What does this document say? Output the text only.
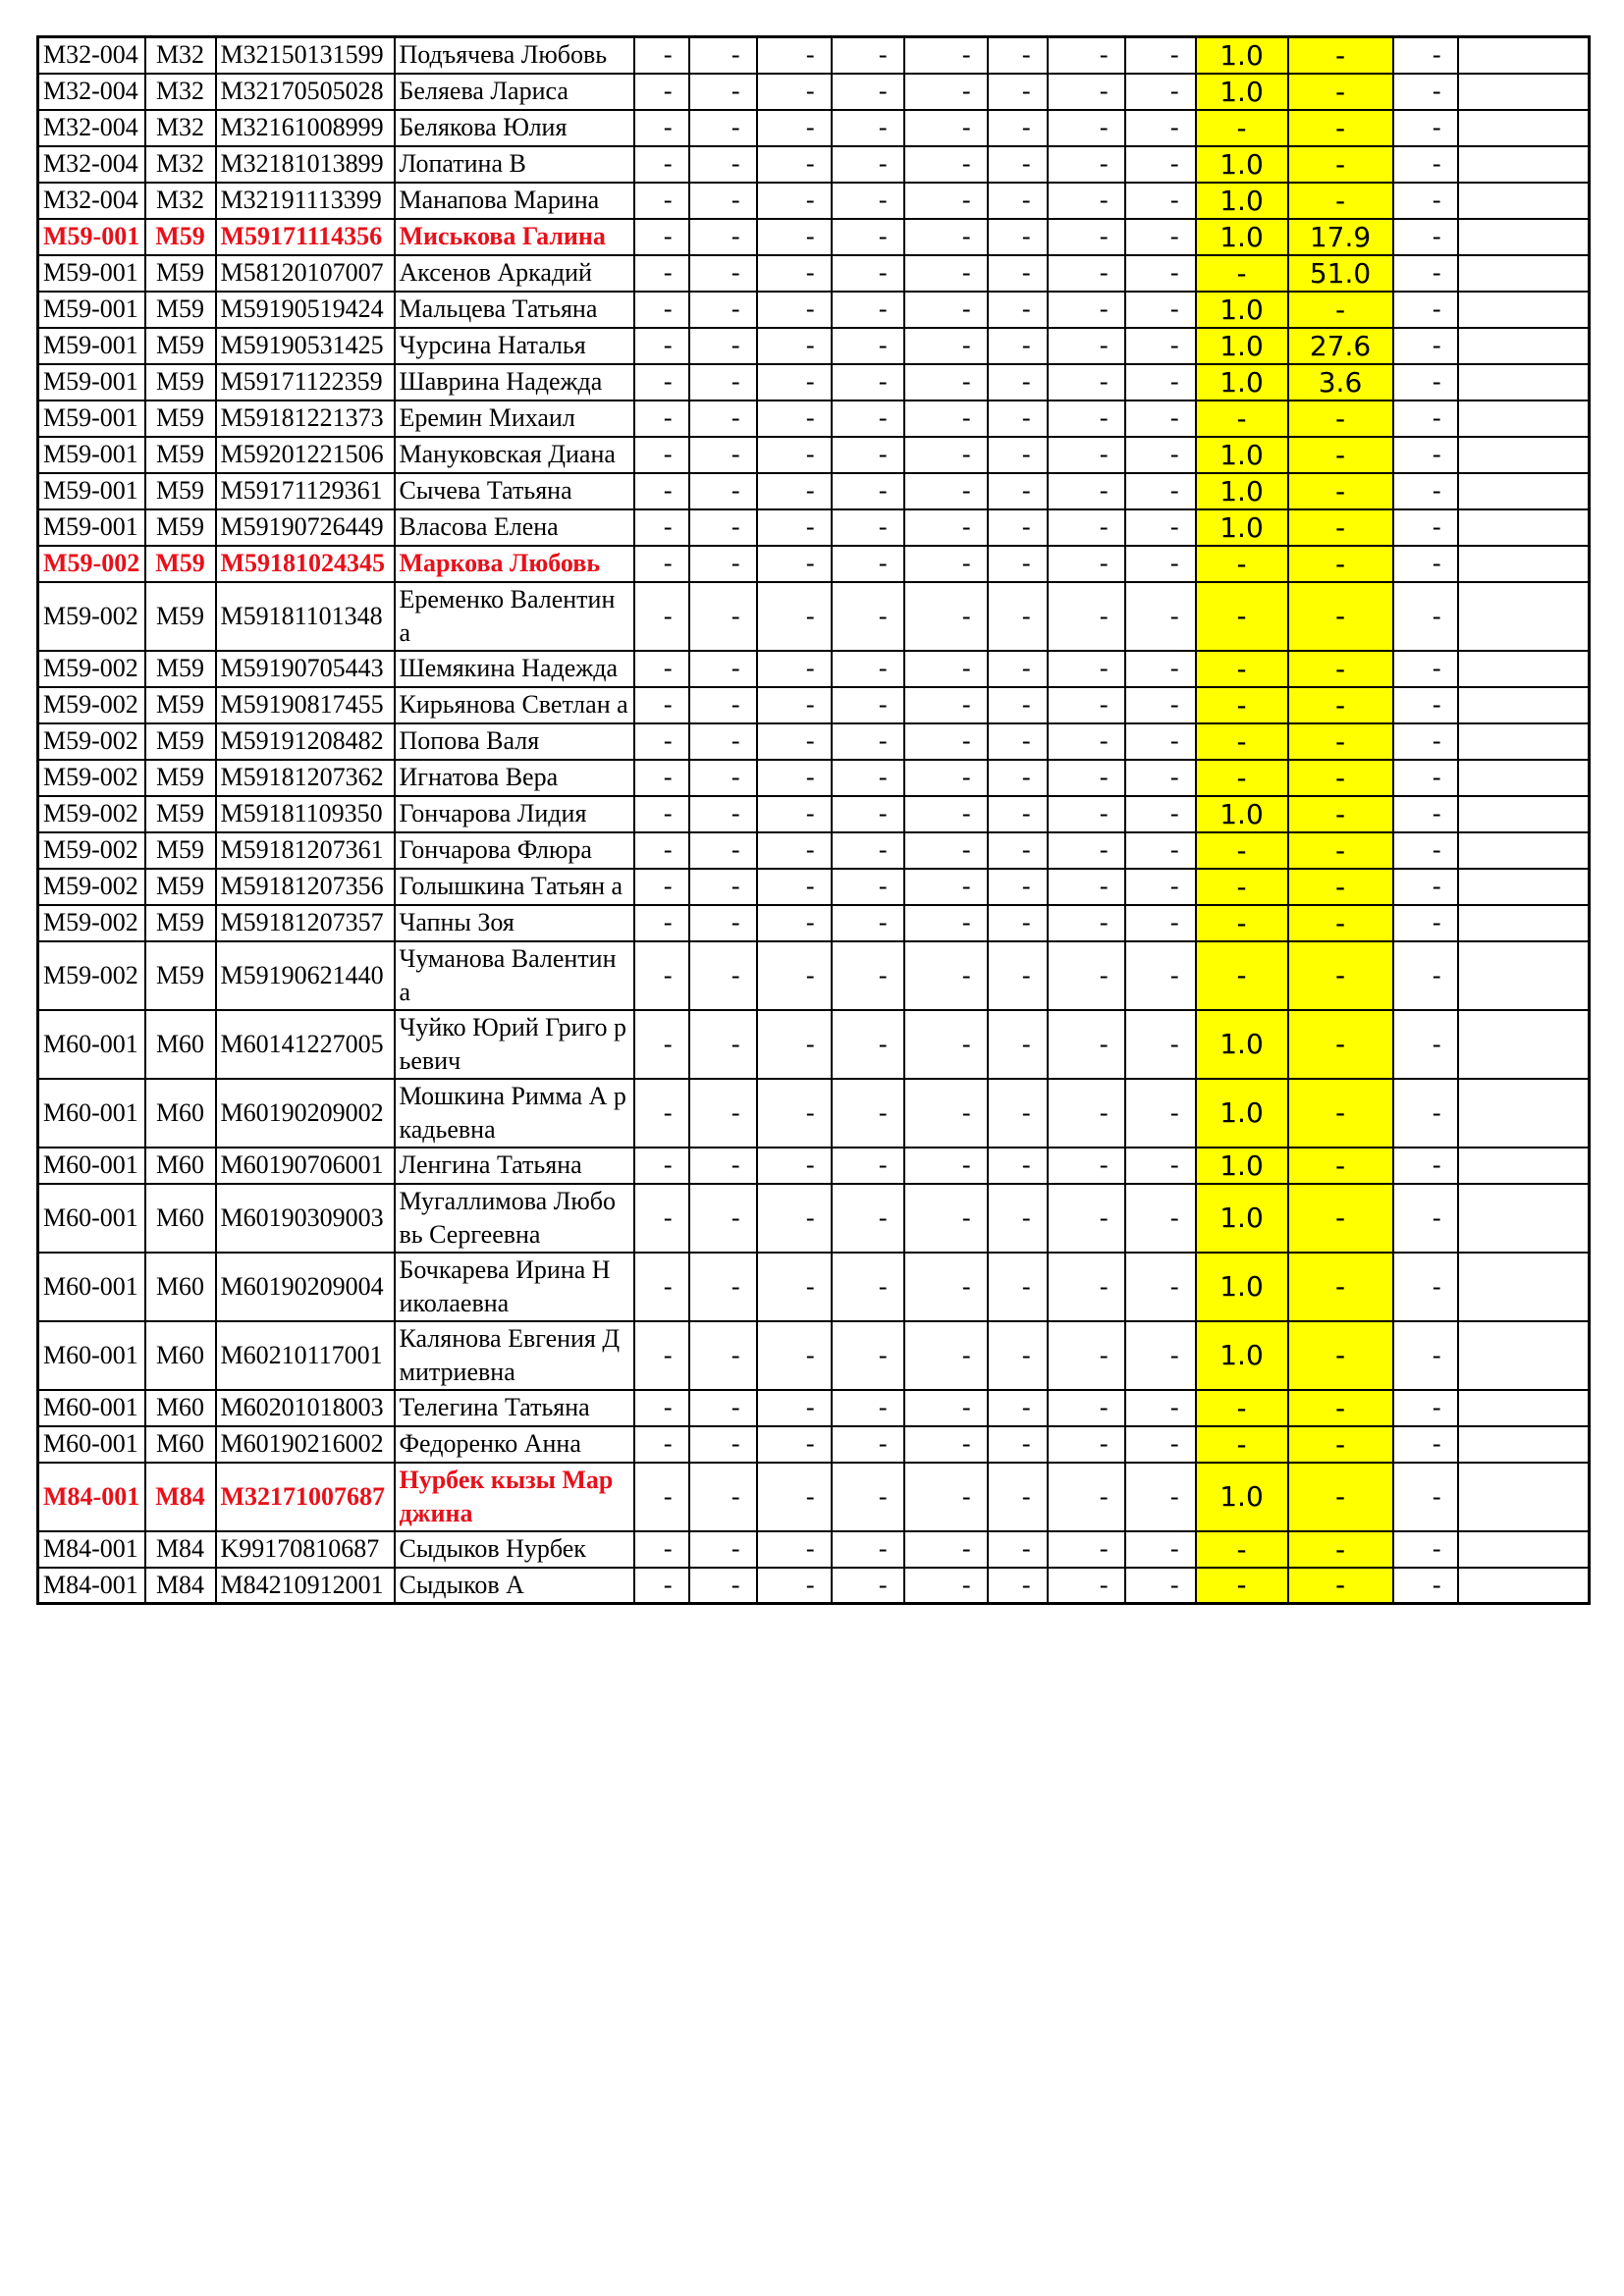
M32-004	M32	M32150131599	Подъячева Любовь	-	-	-	-	-	-	-	-	1.0	-	-	
M32-004	M32	M32170505028	Беляева Лариса	-	-	-	-	-	-	-	-	1.0	-	-	
M32-004	M32	M32161008999	Белякова Юлия	-	-	-	-	-	-	-	-	-	-	-	
M32-004	M32	M32181013899	Лопатина В	-	-	-	-	-	-	-	-	1.0	-	-	
M32-004	M32	M32191113399	Манапова Марина	-	-	-	-	-	-	-	-	1.0	-	-	
M59-001	M59	M59171114356	Миськова Галина	-	-	-	-	-	-	-	-	1.0	17.9	-	
M59-001	M59	M58120107007	Аксенов Аркадий	-	-	-	-	-	-	-	-	-	51.0	-	
M59-001	M59	M59190519424	Мальцева Татьяна	-	-	-	-	-	-	-	-	1.0	-	-	
M59-001	M59	M59190531425	Чурсина Наталья	-	-	-	-	-	-	-	-	1.0	27.6	-	
M59-001	M59	M59171122359	Шаврина Надежда	-	-	-	-	-	-	-	-	1.0	3.6	-	
M59-001	M59	M59181221373	Еремин Михаил	-	-	-	-	-	-	-	-	-	-	-	
M59-001	M59	M59201221506	Мануковская Диана	-	-	-	-	-	-	-	-	1.0	-	-	
M59-001	M59	M59171129361	Сычева Татьяна	-	-	-	-	-	-	-	-	1.0	-	-	
M59-001	M59	M59190726449	Власова Елена	-	-	-	-	-	-	-	-	1.0	-	-	
M59-002	M59	M59181024345	Маркова Любовь	-	-	-	-	-	-	-	-	-	-	-	
M59-002	M59	M59181101348	Еременко Валентин а	-	-	-	-	-	-	-	-	-	-	-	
M59-002	M59	M59190705443	Шемякина Надежда	-	-	-	-	-	-	-	-	-	-	-	
M59-002	M59	M59190817455	Кирьянова Светлан а	-	-	-	-	-	-	-	-	-	-	-	
M59-002	M59	M59191208482	Попова Валя	-	-	-	-	-	-	-	-	-	-	-	
M59-002	M59	M59181207362	Игнатова Вера	-	-	-	-	-	-	-	-	-	-	-	
M59-002	M59	M59181109350	Гончарова Лидия	-	-	-	-	-	-	-	-	1.0	-	-	
M59-002	M59	M59181207361	Гончарова Флюра	-	-	-	-	-	-	-	-	-	-	-	
M59-002	M59	M59181207356	Голышкина Татьян а	-	-	-	-	-	-	-	-	-	-	-	
M59-002	M59	M59181207357	Чапны Зоя	-	-	-	-	-	-	-	-	-	-	-	
M59-002	M59	M59190621440	Чуманова Валентин а	-	-	-	-	-	-	-	-	-	-	-	
M60-001	M60	M60141227005	Чуйко Юрий Григо рьевич	-	-	-	-	-	-	-	-	1.0	-	-	
M60-001	M60	M60190209002	Мошкина Римма А ркадьевна	-	-	-	-	-	-	-	-	1.0	-	-	
M60-001	M60	M60190706001	Ленгина Татьяна	-	-	-	-	-	-	-	-	1.0	-	-	
M60-001	M60	M60190309003	Мугаллимова Любо вь Сергеевна	-	-	-	-	-	-	-	-	1.0	-	-	
M60-001	M60	M60190209004	Бочкарева Ирина Н иколаевна	-	-	-	-	-	-	-	-	1.0	-	-	
M60-001	M60	M60210117001	Калянова Евгения Дмитриевна	-	-	-	-	-	-	-	-	1.0	-	-	
M60-001	M60	M60201018003	Телегина Татьяна	-	-	-	-	-	-	-	-	-	-	-	
M60-001	M60	M60190216002	Федоренко Анна	-	-	-	-	-	-	-	-	-	-	-	
M84-001	M84	M32171007687	Нурбек кызы Мар джина	-	-	-	-	-	-	-	-	1.0	-	-	
M84-001	M84	K99170810687	Сыдыков Нурбек	-	-	-	-	-	-	-	-	-	-	-	
M84-001	M84	M84210912001	Сыдыков А	-	-	-	-	-	-	-	-	-	-	-	
